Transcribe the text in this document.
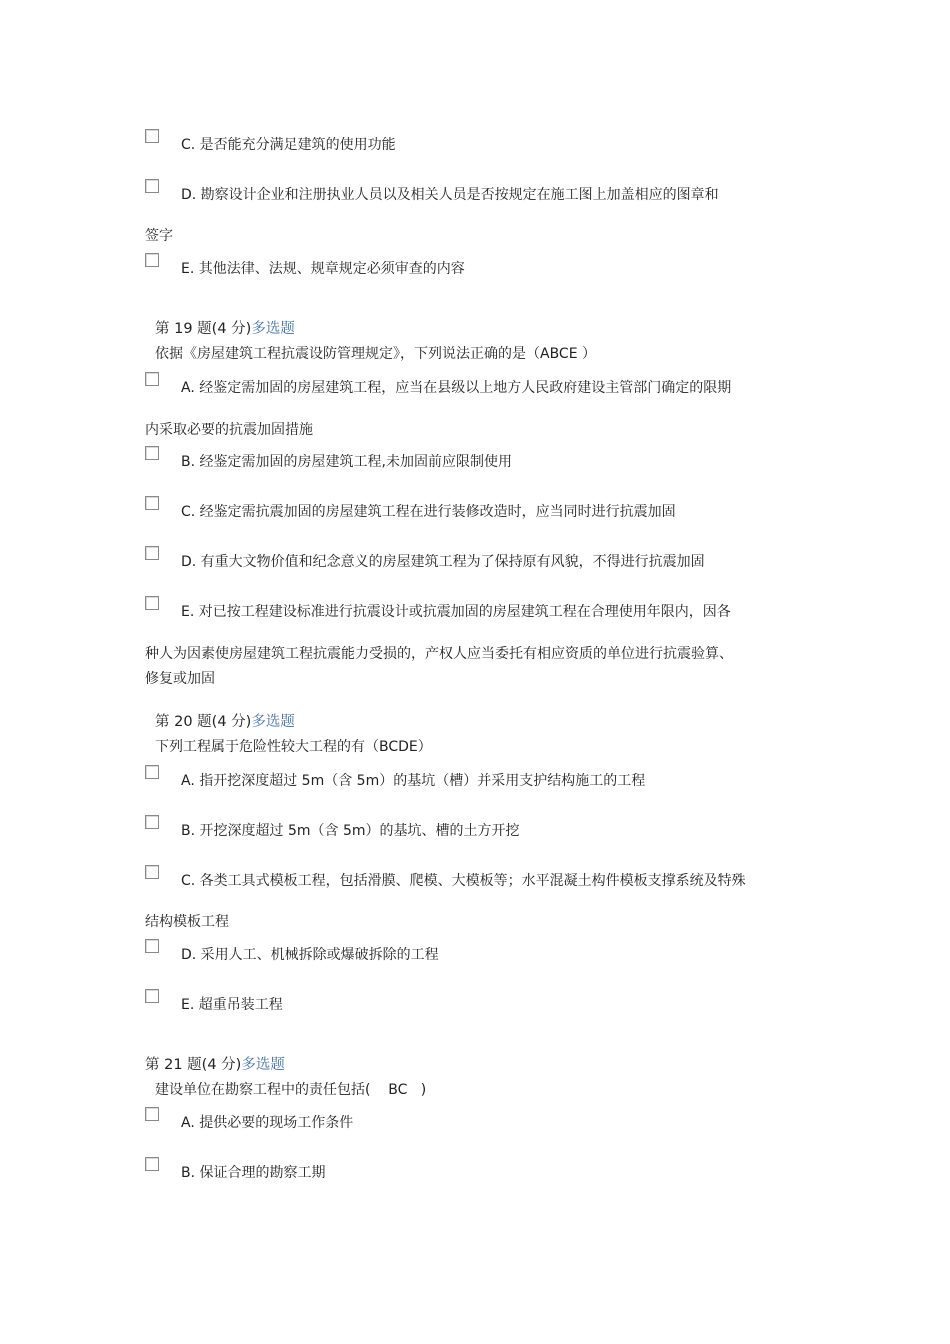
C. 是否能充分满足建筑的使用功能
D. 勘察设计企业和注册执业人员以及相关人员是否按规定在施工图上加盖相应的图章和
签字
E. 其他法律、法规、规章规定必须审查的内容
第 19 题(4 分)多选题
依据《房屋建筑工程抗震设防管理规定》，下列说法正确的是（ABCE ）
A. 经鉴定需加固的房屋建筑工程，应当在县级以上地方人民政府建设主管部门确定的限期
内采取必要的抗震加固措施
B. 经鉴定需加固的房屋建筑工程,未加固前应限制使用
C. 经鉴定需抗震加固的房屋建筑工程在进行装修改造时，应当同时进行抗震加固
D. 有重大文物价值和纪念意义的房屋建筑工程为了保持原有风貌，不得进行抗震加固
E. 对已按工程建设标准进行抗震设计或抗震加固的房屋建筑工程在合理使用年限内，因各
种人为因素使房屋建筑工程抗震能力受损的，产权人应当委托有相应资质的单位进行抗震验算、
修复或加固
第 20 题(4 分)多选题
下列工程属于危险性较大工程的有（BCDE）
A. 指开挖深度超过 5m（含 5m）的基坑（槽）并采用支护结构施工的工程
B. 开挖深度超过 5m（含 5m）的基坑、槽的土方开挖
C. 各类工具式模板工程，包括滑膜、爬模、大模板等；水平混凝土构件模板支撑系统及特殊
结构模板工程
D. 采用人工、机械拆除或爆破拆除的工程
E. 超重吊装工程
第 21 题(4 分)多选题
建设单位在勘察工程中的责任包括(    BC   )
A. 提供必要的现场工作条件
B. 保证合理的勘察工期
